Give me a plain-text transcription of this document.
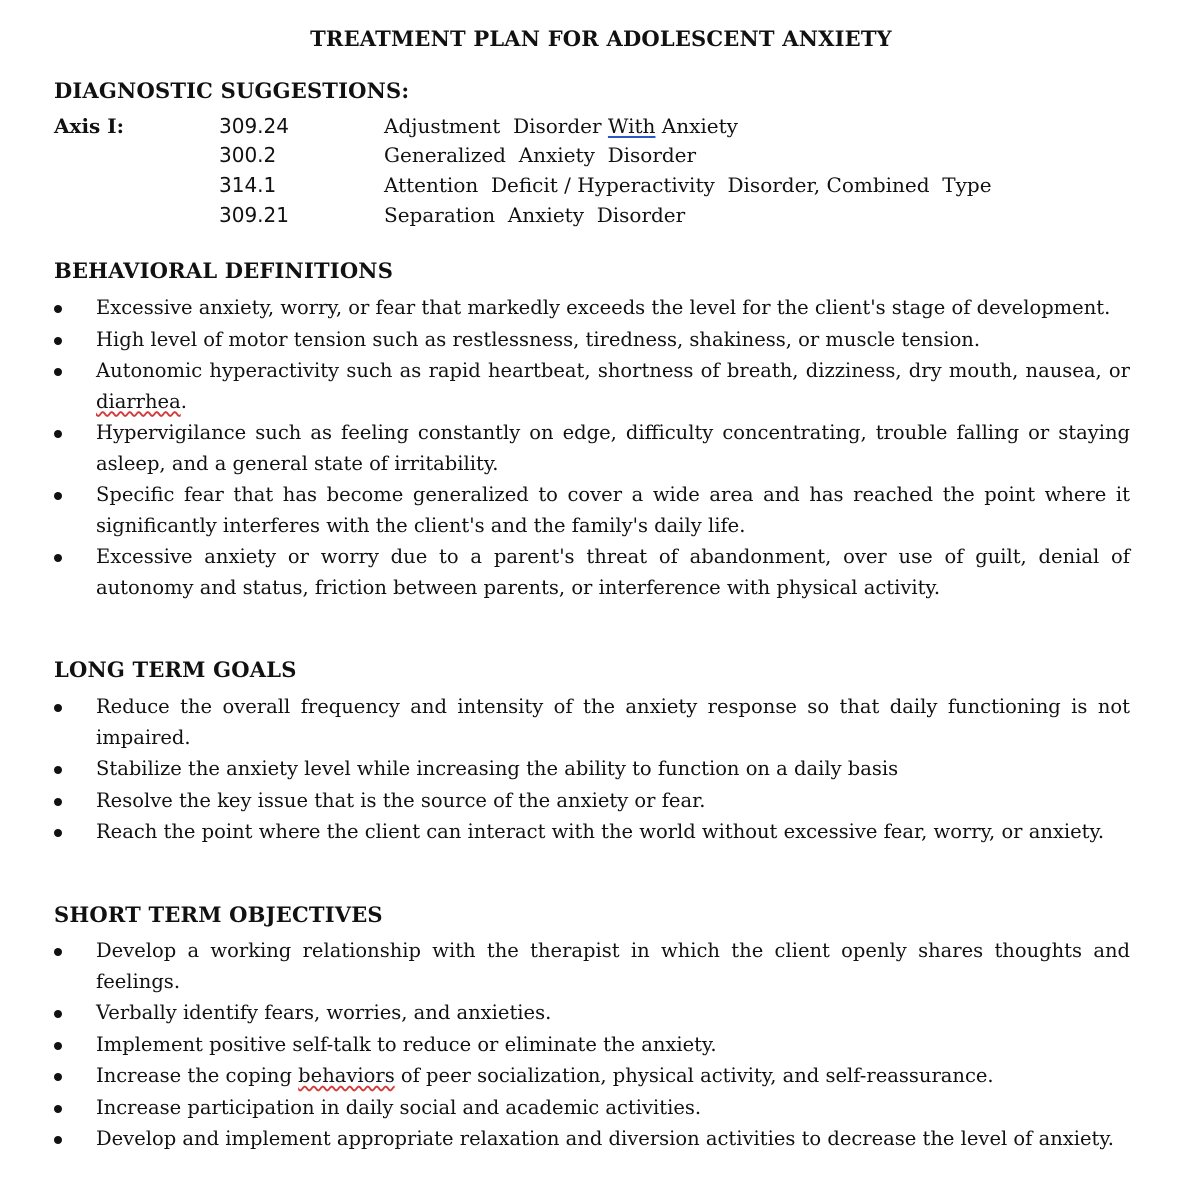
TREATMENT PLAN FOR ADOLESCENT ANXIETY
DIAGNOSTIC SUGGESTIONS:
Axis I:	309.24	Adjustment  Disorder With Anxiety
300.2	Generalized  Anxiety  Disorder
314.1	Attention  Deficit / Hyperactivity  Disorder, Combined  Type
309.21	Separation  Anxiety  Disorder
BEHAVIORAL DEFINITIONS
Excessive anxiety, worry, or fear that markedly exceeds the level for the client's stage of development.
High level of motor tension such as restlessness, tiredness, shakiness, or muscle tension.
Autonomic hyperactivity such as rapid heartbeat, shortness of breath, dizziness, dry mouth, nausea, or diarrhea.
Hypervigilance such as feeling constantly on edge, difficulty concentrating, trouble falling or staying asleep, and a general state of irritability.
Specific fear that has become generalized to cover a wide area and has reached the point where it significantly interferes with the client's and the family's daily life.
Excessive anxiety or worry due to a parent's threat of abandonment, over use of guilt, denial of autonomy and status, friction between parents, or interference with physical activity.
LONG TERM GOALS
Reduce the overall frequency and intensity of the anxiety response so that daily functioning is not impaired.
Stabilize the anxiety level while increasing the ability to function on a daily basis
Resolve the key issue that is the source of the anxiety or fear.
Reach the point where the client can interact with the world without excessive fear, worry, or anxiety.
SHORT TERM OBJECTIVES
Develop a working relationship with the therapist in which the client openly shares thoughts and feelings.
Verbally identify fears, worries, and anxieties.
Implement positive self-talk to reduce or eliminate the anxiety.
Increase the coping behaviors of peer socialization, physical activity, and self-reassurance.
Increase participation in daily social and academic activities.
Develop and implement appropriate relaxation and diversion activities to decrease the level of anxiety.
